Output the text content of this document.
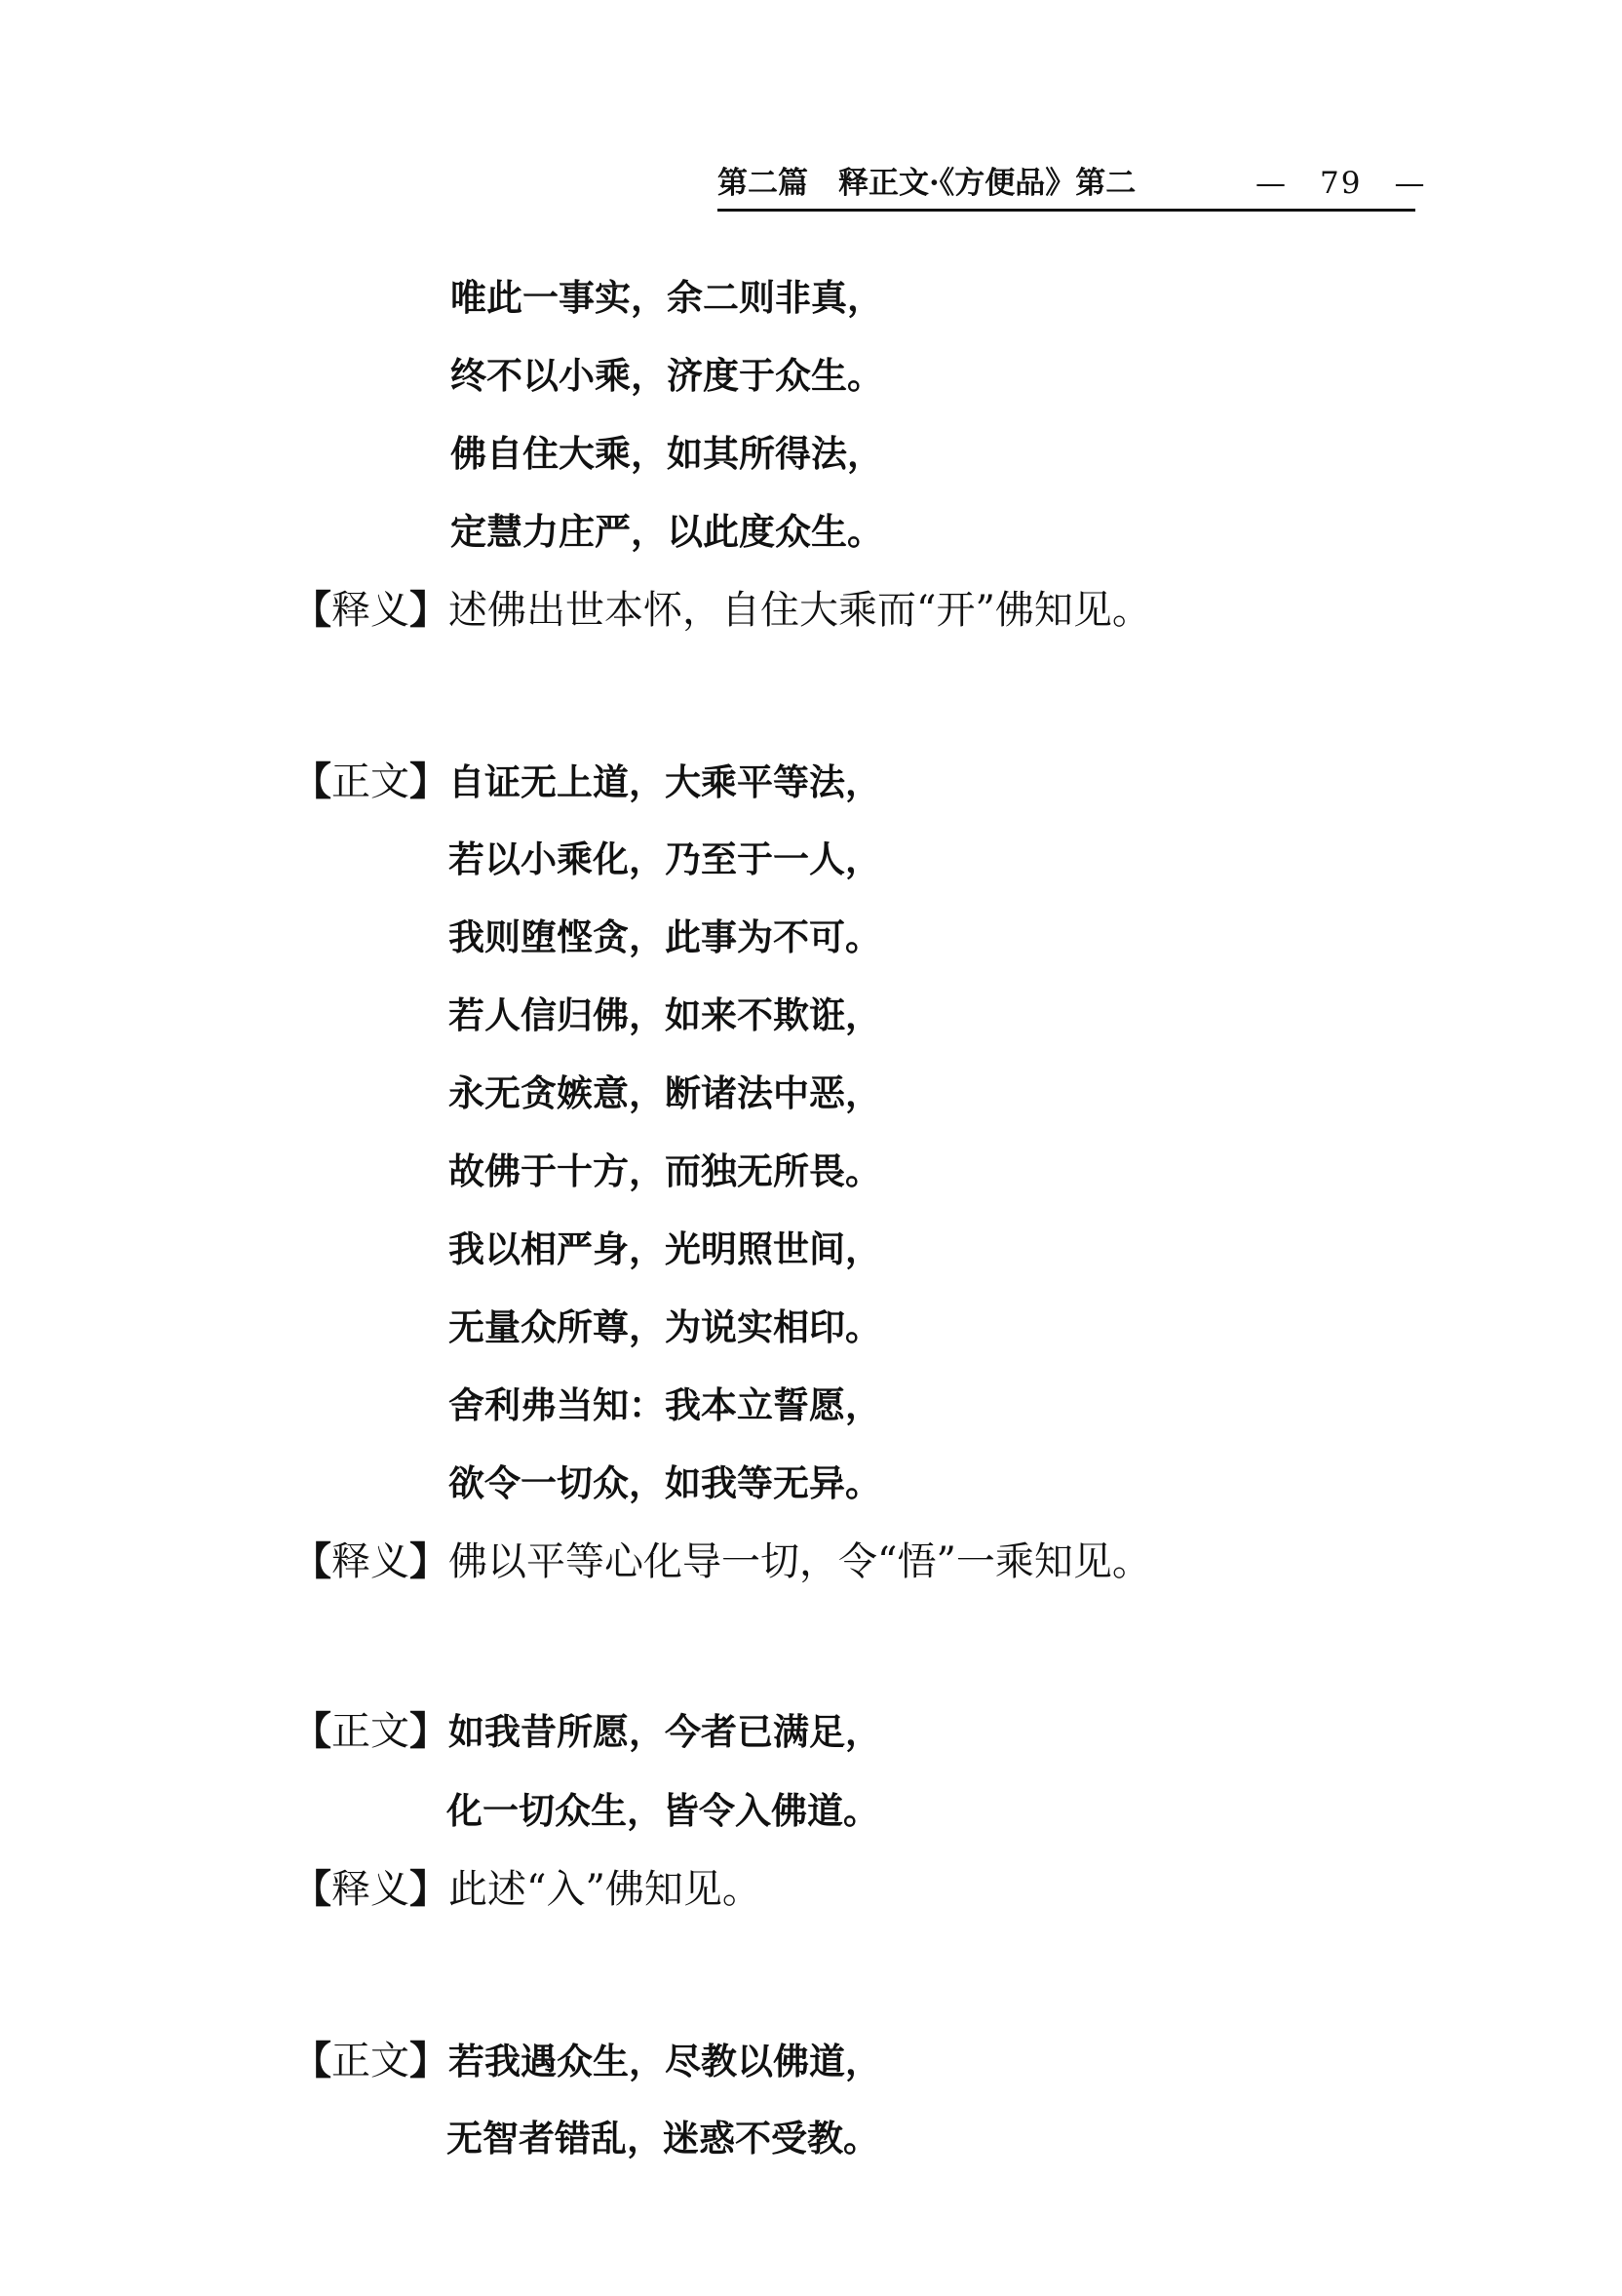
第二篇　释正文·《方便品》第二	—　79　—
唯此一事实，余二则非真，
终不以小乘，济度于众生。
佛自住大乘，如其所得法，
定慧力庄严，以此度众生。
【释义】述佛出世本怀，自住大乘而“开”佛知见。
【正文】自证无上道，大乘平等法，
若以小乘化，乃至于一人，
我则堕悭贪，此事为不可。
若人信归佛，如来不欺诳，
永无贪嫉意，断诸法中恶，
故佛于十方，而独无所畏。
我以相严身，光明照世间，
无量众所尊，为说实相印。
舍利弗当知：我本立誓愿，
欲令一切众，如我等无异。
【释义】佛以平等心化导一切，令“悟”一乘知见。
【正文】如我昔所愿，今者已满足，
化一切众生，皆令入佛道。
【释义】此述“入”佛知见。
【正文】若我遇众生，尽教以佛道，
无智者错乱，迷惑不受教。
